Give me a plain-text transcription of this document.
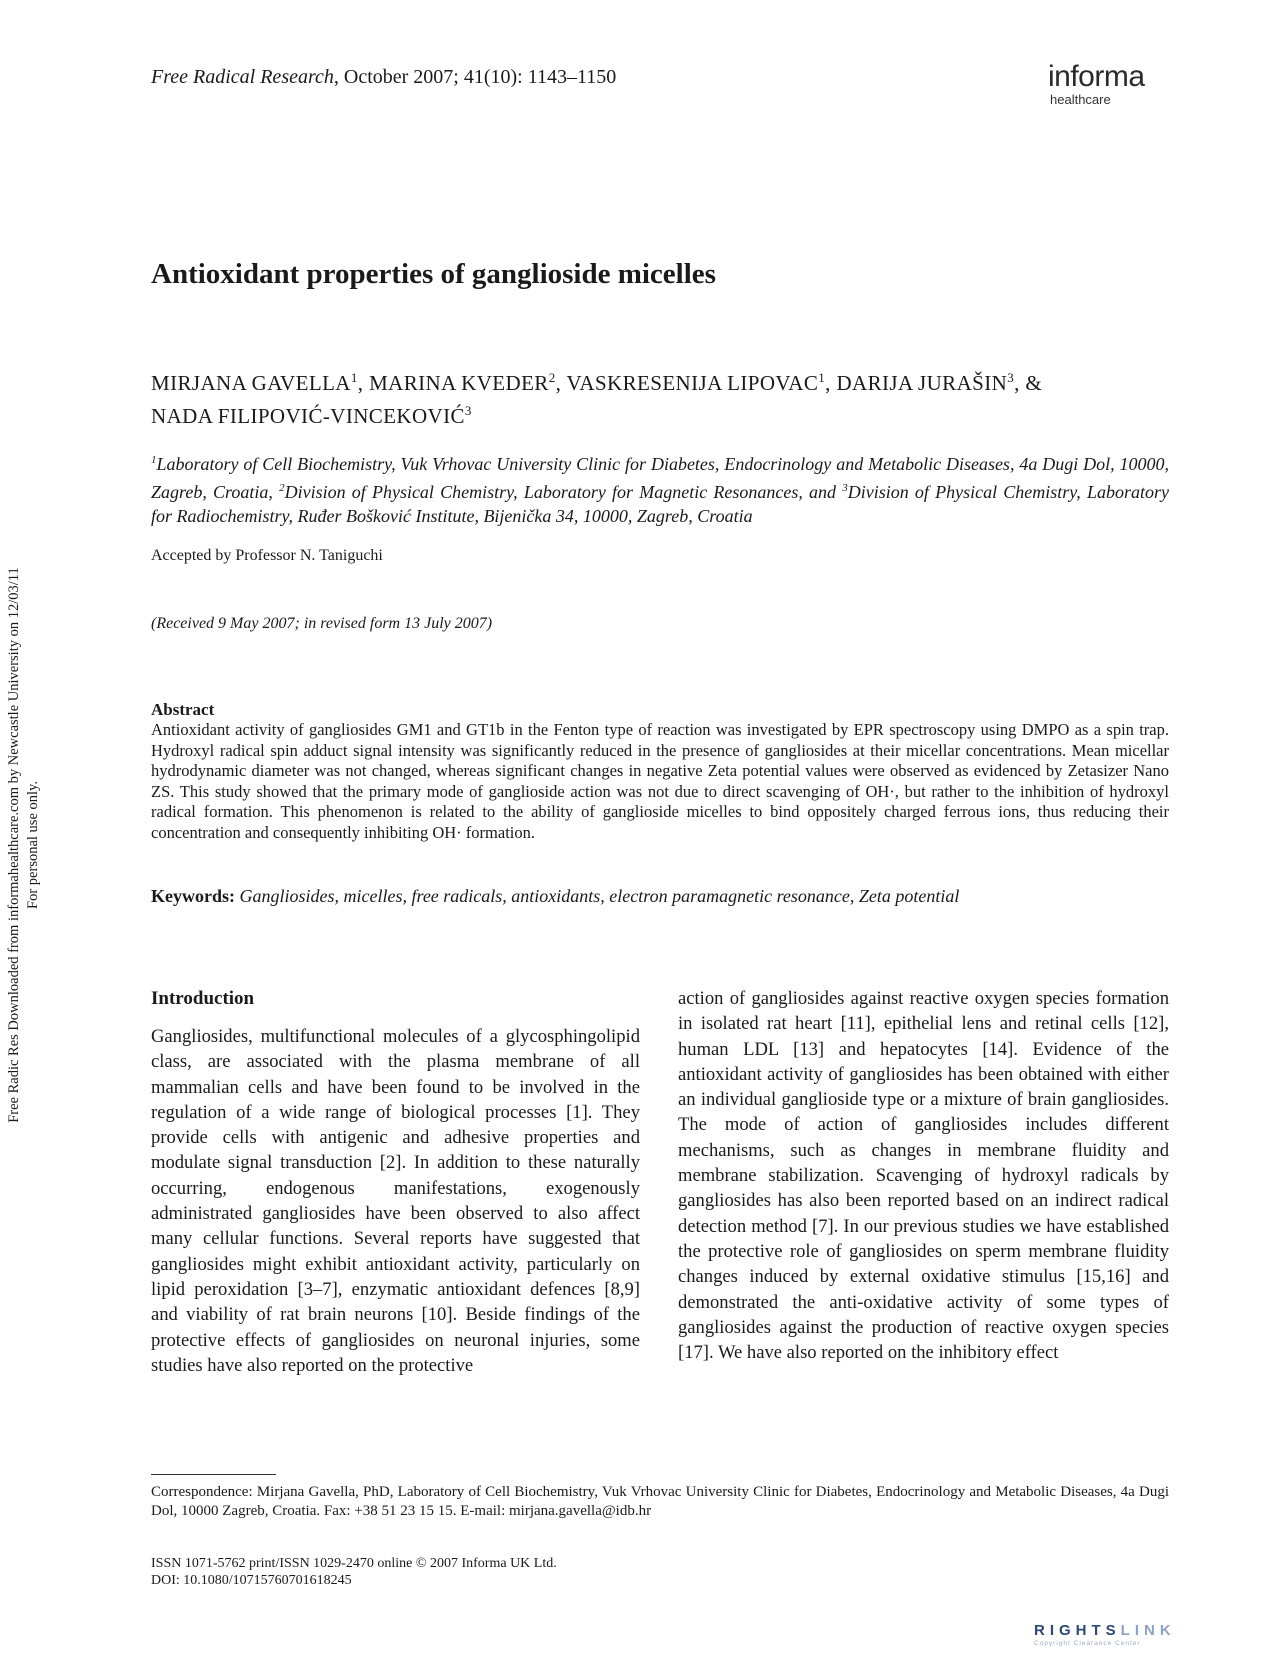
Free Radical Research, October 2007; 41(10): 1143–1150	informa
healthcare
Antioxidant properties of ganglioside micelles
MIRJANA GAVELLA$^1$, MARINA KVEDER$^2$, VASKRESENIJA LIPOVAC$^1$, DARIJA JURAŠIN$^3$, & NADA FILIPOVIĆ-VINCEKOVIĆ$^3$
$^1$Laboratory of Cell Biochemistry, Vuk Vrhovac University Clinic for Diabetes, Endocrinology and Metabolic Diseases, 4a Dugi Dol, 10000, Zagreb, Croatia, $^2$Division of Physical Chemistry, Laboratory for Magnetic Resonances, and $^3$Division of Physical Chemistry, Laboratory for Radiochemistry, Ruđer Bošković Institute, Bijenička 34, 10000, Zagreb, Croatia
Accepted by Professor N. Taniguchi
(Received 9 May 2007; in revised form 13 July 2007)
Abstract
Antioxidant activity of gangliosides GM1 and GT1b in the Fenton type of reaction was investigated by EPR spectroscopy using DMPO as a spin trap. Hydroxyl radical spin adduct signal intensity was significantly reduced in the presence of gangliosides at their micellar concentrations. Mean micellar hydrodynamic diameter was not changed, whereas significant changes in negative Zeta potential values were observed as evidenced by Zetasizer Nano ZS. This study showed that the primary mode of ganglioside action was not due to direct scavenging of OH·, but rather to the inhibition of hydroxyl radical formation. This phenomenon is related to the ability of ganglioside micelles to bind oppositely charged ferrous ions, thus reducing their concentration and consequently inhibiting OH· formation.
Keywords: Gangliosides, micelles, free radicals, antioxidants, electron paramagnetic resonance, Zeta potential
Introduction
Gangliosides, multifunctional molecules of a glycosphingolipid class, are associated with the plasma membrane of all mammalian cells and have been found to be involved in the regulation of a wide range of biological processes [1]. They provide cells with antigenic and adhesive properties and modulate signal transduction [2]. In addition to these naturally occurring, endogenous manifestations, exogenously administrated gangliosides have been observed to also affect many cellular functions. Several reports have suggested that gangliosides might exhibit antioxidant activity, particularly on lipid peroxidation [3–7], enzymatic antioxidant defences [8,9] and viability of rat brain neurons [10]. Beside findings of the protective effects of gangliosides on neuronal injuries, some studies have also reported on the protective
action of gangliosides against reactive oxygen species formation in isolated rat heart [11], epithelial lens and retinal cells [12], human LDL [13] and hepatocytes [14]. Evidence of the antioxidant activity of gangliosides has been obtained with either an individual ganglioside type or a mixture of brain gangliosides. The mode of action of gangliosides includes different mechanisms, such as changes in membrane fluidity and membrane stabilization. Scavenging of hydroxyl radicals by gangliosides has also been reported based on an indirect radical detection method [7]. In our previous studies we have established the protective role of gangliosides on sperm membrane fluidity changes induced by external oxidative stimulus [15,16] and demonstrated the anti-oxidative activity of some types of gangliosides against the production of reactive oxygen species [17]. We have also reported on the inhibitory effect
Correspondence: Mirjana Gavella, PhD, Laboratory of Cell Biochemistry, Vuk Vrhovac University Clinic for Diabetes, Endocrinology and Metabolic Diseases, 4a Dugi Dol, 10000 Zagreb, Croatia. Fax: +38 51 23 15 15. E-mail: mirjana.gavella@idb.hr
ISSN 1071-5762 print/ISSN 1029-2470 online © 2007 Informa UK Ltd.
DOI: 10.1080/10715760701618245
Free Radic Res Downloaded from informahealthcare.com by Newcastle University on 12/03/11 For personal use only.
RIGHTSLINK
Copyright Clearance Center
